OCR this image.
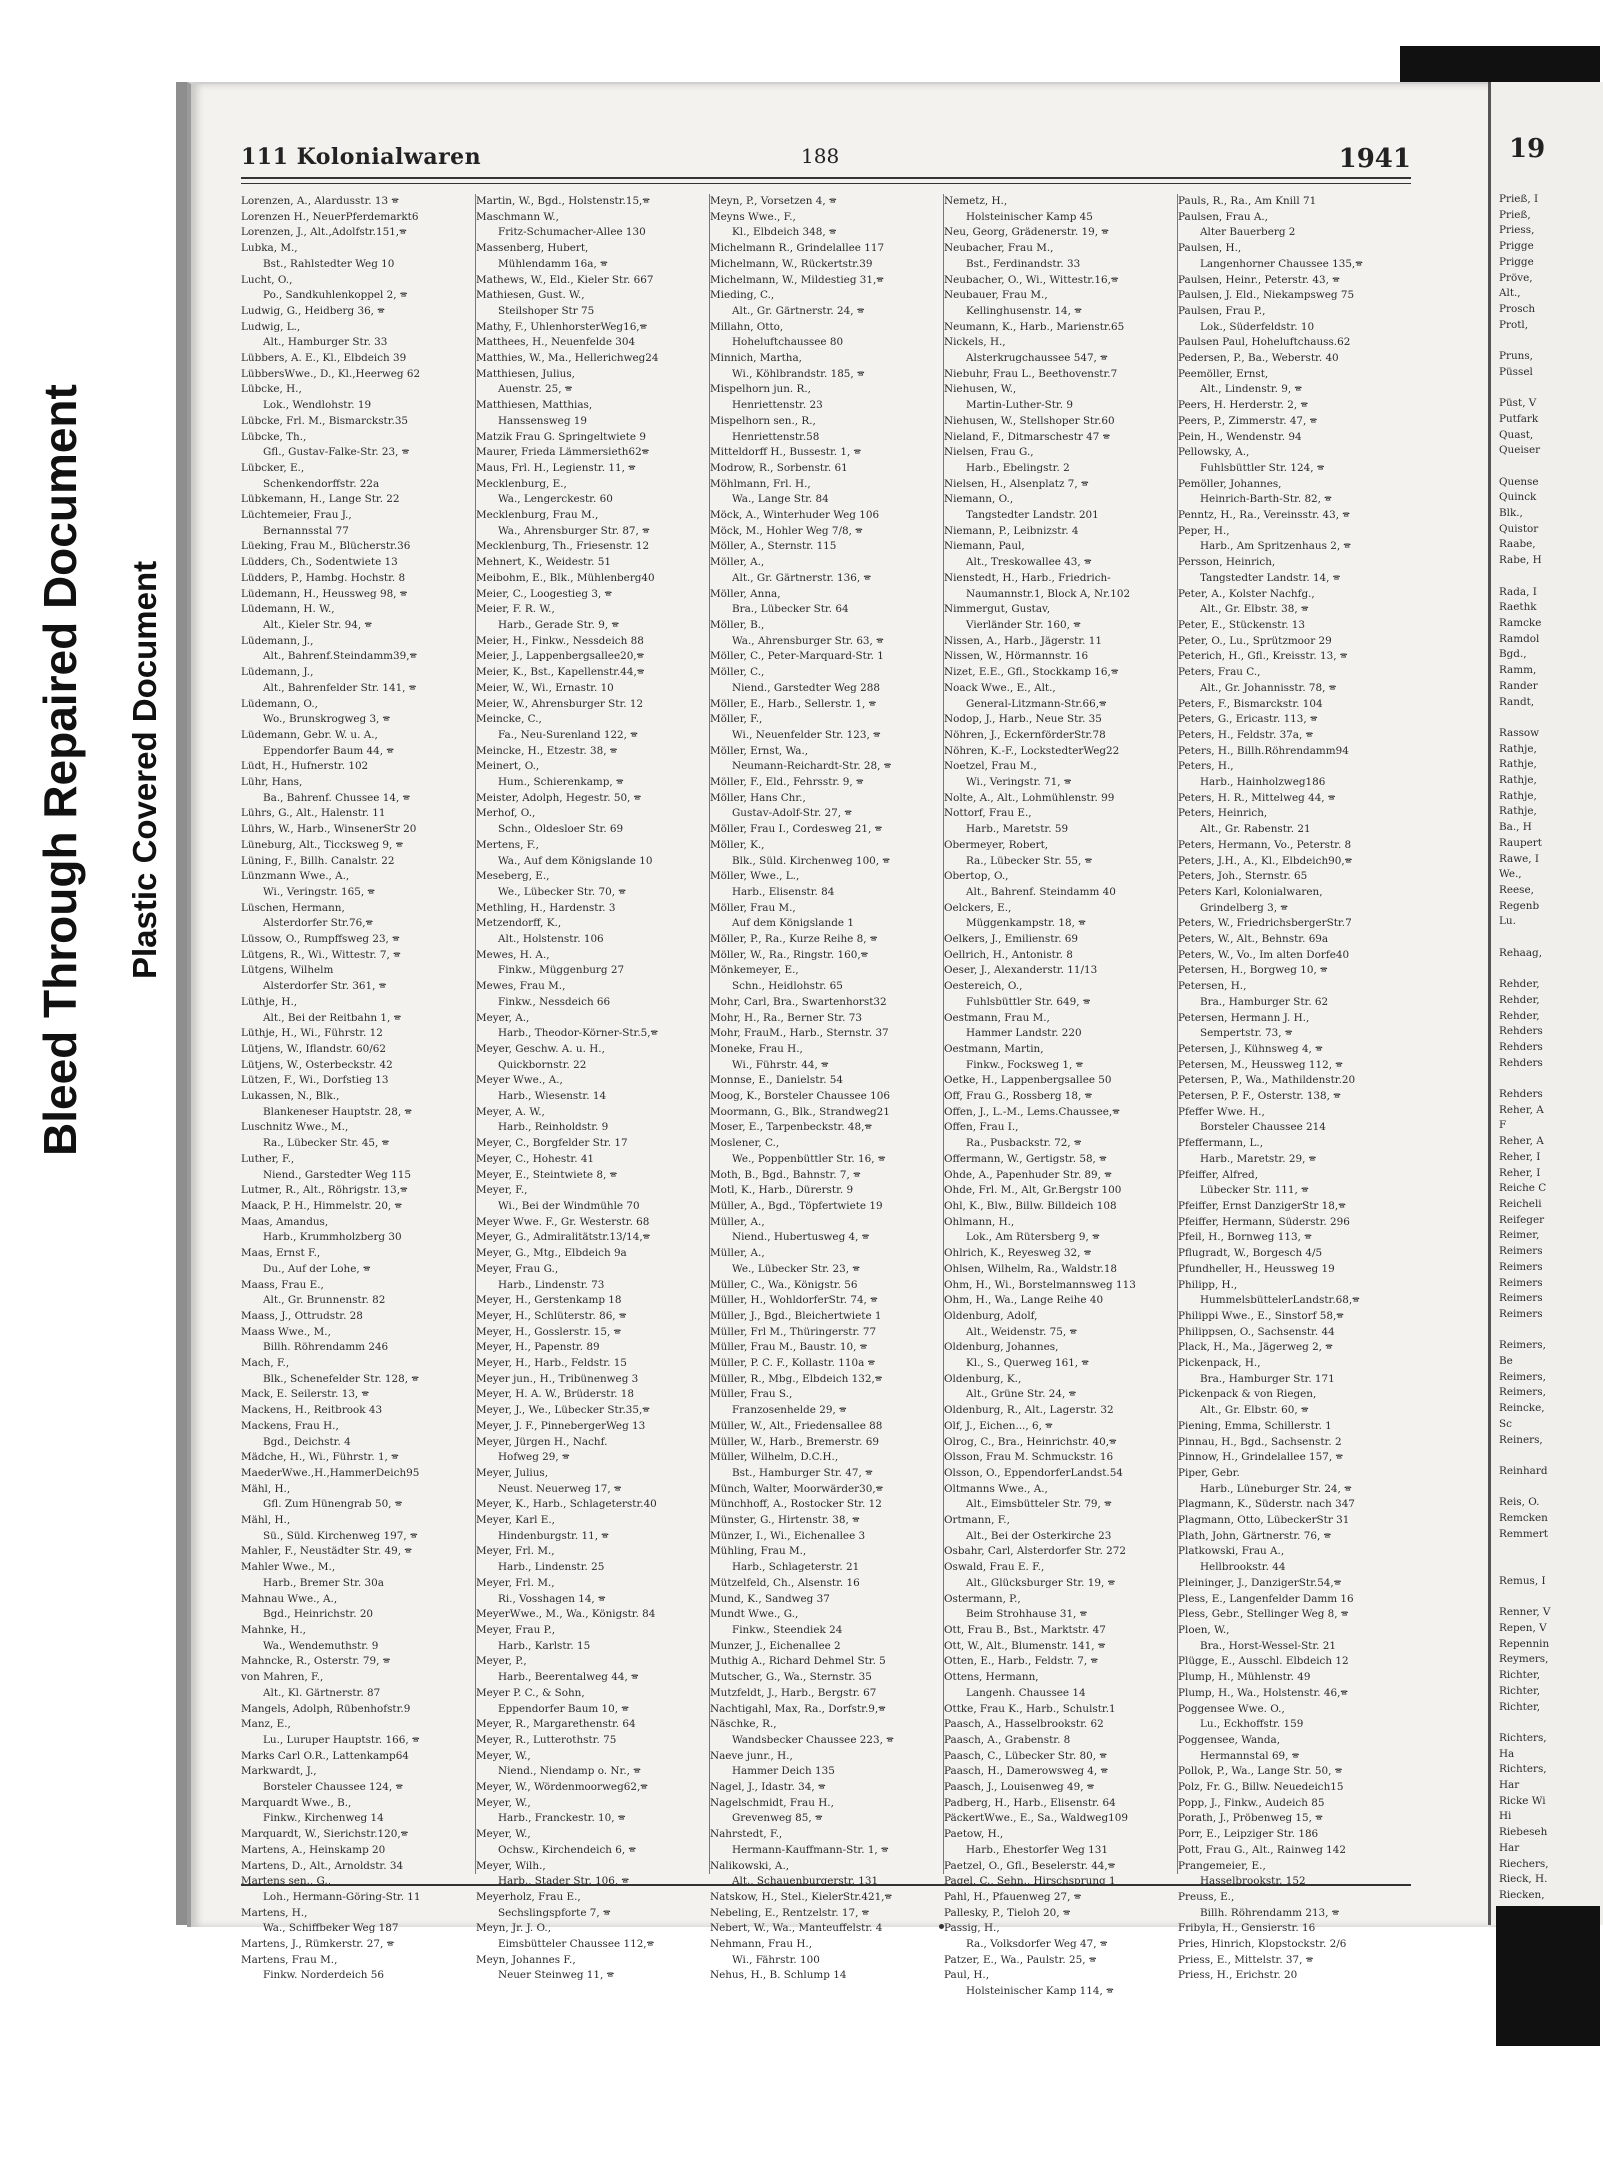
Bleed Through Repaired Document Plastic Covered Document
111 Kolonialwaren	188	1941
Lorenzen, A., Alardusstr. 13 🕿
Lorenzen H., NeuerPferdemarkt6
Lorenzen, J., Alt.,Adolfstr.151,🕿
Lubka, M.,
Bst., Rahlstedter Weg 10
Lucht, O.,
Po., Sandkuhlenkoppel 2, 🕿
Ludwig, G., Heidberg 36, 🕿
Ludwig, L.,
Alt., Hamburger Str. 33
Lübbers, A. E., Kl., Elbdeich 39
LübbersWwe., D., Kl.,Heerweg 62
Lübcke, H.,
Lok., Wendlohstr. 19
Lübcke, Frl. M., Bismarckstr.35
Lübcke, Th.,
Gfl., Gustav-Falke-Str. 23, 🕿
Lübcker, E.,
Schenkendorffstr. 22a
Lübkemann, H., Lange Str. 22
Lüchtemeier, Frau J.,
Bernannsstal 77
Lüeking, Frau M., Blücherstr.36
Lüdders, Ch., Sodentwiete 13
Lüdders, P., Hambg. Hochstr. 8
Lüdemann, H., Heussweg 98, 🕿
Lüdemann, H. W.,
Alt., Kieler Str. 94, 🕿
Lüdemann, J.,
Alt., Bahrenf.Steindamm39,🕿
Lüdemann, J.,
Alt., Bahrenfelder Str. 141, 🕿
Lüdemann, O.,
Wo., Brunskrogweg 3, 🕿
Lüdemann, Gebr. W. u. A.,
Eppendorfer Baum 44, 🕿
Lüdt, H., Hufnerstr. 102
Lühr, Hans,
Ba., Bahrenf. Chussee 14, 🕿
Lührs, G., Alt., Halenstr. 11
Lührs, W., Harb., WinsenerStr 20
Lüneburg, Alt., Ticcksweg 9, 🕿
Lüning, F., Billh. Canalstr. 22
Lünzmann Wwe., A.,
Wi., Veringstr. 165, 🕿
Lüschen, Hermann,
Alsterdorfer Str.76,🕿
Lüssow, O., Rumpffsweg 23, 🕿
Lütgens, R., Wi., Wittestr. 7, 🕿
Lütgens, Wilhelm
Alsterdorfer Str. 361, 🕿
Lüthje, H.,
Alt., Bei der Reitbahn 1, 🕿
Lüthje, H., Wi., Führstr. 12
Lütjens, W., Iflandstr. 60/62
Lütjens, W., Osterbeckstr. 42
Lützen, F., Wi., Dorfstieg 13
Lukassen, N., Blk.,
Blankeneser Hauptstr. 28, 🕿
Luschnitz Wwe., M.,
Ra., Lübecker Str. 45, 🕿
Luther, F.,
Niend., Garstedter Weg 115
Lutmer, R., Alt., Röhrigstr. 13,🕿
Maack, P. H., Himmelstr. 20, 🕿
Maas, Amandus,
Harb., Krummholzberg 30
Maas, Ernst F.,
Du., Auf der Lohe, 🕿
Maass, Frau E.,
Alt., Gr. Brunnenstr. 82
Maass, J., Ottrudstr. 28
Maass Wwe., M.,
Billh. Röhrendamm 246
Mach, F.,
Blk., Schenefelder Str. 128, 🕿
Mack, E. Seilerstr. 13, 🕿
Mackens, H., Reitbrook 43
Mackens, Frau H.,
Bgd., Deichstr. 4
Mädche, H., Wi., Führstr. 1, 🕿
MaederWwe.,H.,HammerDeich95
Mähl, H.,
Gfl. Zum Hünengrab 50, 🕿
Mähl, H.,
Sü., Süld. Kirchenweg 197, 🕿
Mahler, F., Neustädter Str. 49, 🕿
Mahler Wwe., M.,
Harb., Bremer Str. 30a
Mahnau Wwe., A.,
Bgd., Heinrichstr. 20
Mahnke, H.,
Wa., Wendemuthstr. 9
Mahncke, R., Osterstr. 79, 🕿
von Mahren, F.,
Alt., Kl. Gärtnerstr. 87
Mangels, Adolph, Rübenhofstr.9
Manz, E.,
Lu., Luruper Hauptstr. 166, 🕿
Marks Carl O.R., Lattenkamp64
Markwardt, J.,
Borsteler Chaussee 124, 🕿
Marquardt Wwe., B.,
Finkw., Kirchenweg 14
Marquardt, W., Sierichstr.120,🕿
Martens, A., Heinskamp 20
Martens, D., Alt., Arnoldstr. 34
Martens sen., G.,
Loh., Hermann-Göring-Str. 11
Martens, H.,
Wa., Schiffbeker Weg 187
Martens, J., Rümkerstr. 27, 🕿
Martens, Frau M.,
Finkw. Norderdeich 56
Martin, W., Bgd., Holstenstr.15,🕿
Maschmann W.,
Fritz-Schumacher-Allee 130
Massenberg, Hubert,
Mühlendamm 16a, 🕿
Mathews, W., Eld., Kieler Str. 667
Mathiesen, Gust. W.,
Steilshoper Str 75
Mathy, F., UhlenhorsterWeg16,🕿
Matthees, H., Neuenfelde 304
Matthies, W., Ma., Hellerichweg24
Matthiesen, Julius,
Auenstr. 25, 🕿
Matthiesen, Matthias,
Hanssensweg 19
Matzik Frau G. Springeltwiete 9
Maurer, Frieda Lämmersieth62🕿
Maus, Frl. H., Legienstr. 11, 🕿
Mecklenburg, E.,
Wa., Lengerckestr. 60
Mecklenburg, Frau M.,
Wa., Ahrensburger Str. 87, 🕿
Mecklenburg, Th., Friesenstr. 12
Mehnert, K., Weidestr. 51
Meibohm, E., Blk., Mühlenberg40
Meier, C., Loogestieg 3, 🕿
Meier, F. R. W.,
Harb., Gerade Str. 9, 🕿
Meier, H., Finkw., Nessdeich 88
Meier, J., Lappenbergsallee20,🕿
Meier, K., Bst., Kapellenstr.44,🕿
Meier, W., Wi., Ernastr. 10
Meier, W., Ahrensburger Str. 12
Meincke, C.,
Fa., Neu-Surenland 122, 🕿
Meincke, H., Etzestr. 38, 🕿
Meinert, O.,
Hum., Schierenkamp, 🕿
Meister, Adolph, Hegestr. 50, 🕿
Merhof, O.,
Schn., Oldesloer Str. 69
Mertens, F.,
Wa., Auf dem Königslande 10
Meseberg, E.,
We., Lübecker Str. 70, 🕿
Methling, H., Hardenstr. 3
Metzendorff, K.,
Alt., Holstenstr. 106
Mewes, H. A.,
Finkw., Müggenburg 27
Mewes, Frau M.,
Finkw., Nessdeich 66
Meyer, A.,
Harb., Theodor-Körner-Str.5,🕿
Meyer, Geschw. A. u. H.,
Quickbornstr. 22
Meyer Wwe., A.,
Harb., Wiesenstr. 14
Meyer, A. W.,
Harb., Reinholdstr. 9
Meyer, C., Borgfelder Str. 17
Meyer, C., Hohestr. 41
Meyer, E., Steintwiete 8, 🕿
Meyer, F.,
Wi., Bei der Windmühle 70
Meyer Wwe. F., Gr. Westerstr. 68
Meyer, G., Admiralitätstr.13/14,🕿
Meyer, G., Mtg., Elbdeich 9a
Meyer, Frau G.,
Harb., Lindenstr. 73
Meyer, H., Gerstenkamp 18
Meyer, H., Schlüterstr. 86, 🕿
Meyer, H., Gosslerstr. 15, 🕿
Meyer, H., Papenstr. 89
Meyer, H., Harb., Feldstr. 15
Meyer jun., H., Tribünenweg 3
Meyer, H. A. W., Brüderstr. 18
Meyer, J., We., Lübecker Str.35,🕿
Meyer, J. F., PinnebergerWeg 13
Meyer, Jürgen H., Nachf.
Hofweg 29, 🕿
Meyer, Julius,
Neust. Neuerweg 17, 🕿
Meyer, K., Harb., Schlageterstr.40
Meyer, Karl E.,
Hindenburgstr. 11, 🕿
Meyer, Frl. M.,
Harb., Lindenstr. 25
Meyer, Frl. M.,
Ri., Vosshagen 14, 🕿
MeyerWwe., M., Wa., Königstr. 84
Meyer, Frau P.,
Harb., Karlstr. 15
Meyer, P.,
Harb., Beerentalweg 44, 🕿
Meyer P. C., & Sohn,
Eppendorfer Baum 10, 🕿
Meyer, R., Margarethenstr. 64
Meyer, R., Lutterothstr. 75
Meyer, W.,
Niend., Niendamp o. Nr., 🕿
Meyer, W., Wördenmoorweg62,🕿
Meyer, W.,
Harb., Franckestr. 10, 🕿
Meyer, W.,
Ochsw., Kirchendeich 6, 🕿
Meyer, Wilh.,
Harb., Stader Str. 106, 🕿
Meyerholz, Frau E.,
Sechslingspforte 7, 🕿
Meyn, Jr. J. O.,
Eimsbütteler Chaussee 112,🕿
Meyn, Johannes F.,
Neuer Steinweg 11, 🕿
Meyn, P., Vorsetzen 4, 🕿
Meyns Wwe., F.,
Kl., Elbdeich 348, 🕿
Michelmann R., Grindelallee 117
Michelmann, W., Rückertstr.39
Michelmann, W., Mildestieg 31,🕿
Mieding, C.,
Alt., Gr. Gärtnerstr. 24, 🕿
Millahn, Otto,
Hoheluftchaussee 80
Minnich, Martha,
Wi., Köhlbrandstr. 185, 🕿
Mispelhorn jun. R.,
Henriettenstr. 23
Mispelhorn sen., R.,
Henriettenstr.58
Mitteldorff H., Bussestr. 1, 🕿
Modrow, R., Sorbenstr. 61
Möhlmann, Frl. H.,
Wa., Lange Str. 84
Möck, A., Winterhuder Weg 106
Möck, M., Hohler Weg 7/8, 🕿
Möller, A., Sternstr. 115
Möller, A.,
Alt., Gr. Gärtnerstr. 136, 🕿
Möller, Anna,
Bra., Lübecker Str. 64
Möller, B.,
Wa., Ahrensburger Str. 63, 🕿
Möller, C., Peter-Marquard-Str. 1
Möller, C.,
Niend., Garstedter Weg 288
Möller, E., Harb., Sellerstr. 1, 🕿
Möller, F.,
Wi., Neuenfelder Str. 123, 🕿
Möller, Ernst, Wa.,
Neumann-Reichardt-Str. 28, 🕿
Möller, F., Eld., Fehrsstr. 9, 🕿
Möller, Hans Chr.,
Gustav-Adolf-Str. 27, 🕿
Möller, Frau I., Cordesweg 21, 🕿
Möller, K.,
Blk., Süld. Kirchenweg 100, 🕿
Möller, Wwe., L.,
Harb., Elisenstr. 84
Möller, Frau M.,
Auf dem Königslande 1
Möller, P., Ra., Kurze Reihe 8, 🕿
Möller, W., Ra., Ringstr. 160,🕿
Mönkemeyer, E.,
Schn., Heidlohstr. 65
Mohr, Carl, Bra., Swartenhorst32
Mohr, H., Ra., Berner Str. 73
Mohr, FrauM., Harb., Sternstr. 37
Moneke, Frau H.,
Wi., Führstr. 44, 🕿
Monnse, E., Danielstr. 54
Moog, K., Borsteler Chaussee 106
Moormann, G., Blk., Strandweg21
Moser, E., Tarpenbeckstr. 48,🕿
Moslener, C.,
We., Poppenbüttler Str. 16, 🕿
Moth, B., Bgd., Bahnstr. 7, 🕿
Motl, K., Harb., Dürerstr. 9
Müller, A., Bgd., Töpfertwiete 19
Müller, A.,
Niend., Hubertusweg 4, 🕿
Müller, A.,
We., Lübecker Str. 23, 🕿
Müller, C., Wa., Königstr. 56
Müller, H., WohldorferStr. 74, 🕿
Müller, J., Bgd., Bleichertwiete 1
Müller, Frl M., Thüringerstr. 77
Müller, Frau M., Baustr. 10, 🕿
Müller, P. C. F., Kollastr. 110a 🕿
Müller, R., Mbg., Elbdeich 132,🕿
Müller, Frau S.,
Franzosenhelde 29, 🕿
Müller, W., Alt., Friedensallee 88
Müller, W., Harb., Bremerstr. 69
Müller, Wilhelm, D.C.H.,
Bst., Hamburger Str. 47, 🕿
Münch, Walter, Moorwärder30,🕿
Münchhoff, A., Rostocker Str. 12
Münster, G., Hirtenstr. 38, 🕿
Münzer, I., Wi., Eichenallee 3
Mühling, Frau M.,
Harb., Schlageterstr. 21
Mützelfeld, Ch., Alsenstr. 16
Mund, K., Sandweg 37
Mundt Wwe., G.,
Finkw., Steendiek 24
Munzer, J., Eichenallee 2
Muthig A., Richard Dehmel Str. 5
Mutscher, G., Wa., Sternstr. 35
Mutzfeldt, J., Harb., Bergstr. 67
Nachtigahl, Max, Ra., Dorfstr.9,🕿
Näschke, R.,
Wandsbecker Chaussee 223, 🕿
Naeve junr., H.,
Hammer Deich 135
Nagel, J., Idastr. 34, 🕿
Nagelschmidt, Frau H.,
Grevenweg 85, 🕿
Nahrstedt, F.,
Hermann-Kauffmann-Str. 1, 🕿
Nalikowski, A.,
Alt., Schauenburgerstr. 131
Natskow, H., Stel., KielerStr.421,🕿
Nebeling, E., Rentzelstr. 17, 🕿
Nebert, W., Wa., Manteuffelstr. 4
Nehmann, Frau H.,
Wi., Fährstr. 100
Nehus, H., B. Schlump 14
Nemetz, H.,
Holsteinischer Kamp 45
Neu, Georg, Grädenerstr. 19, 🕿
Neubacher, Frau M.,
Bst., Ferdinandstr. 33
Neubacher, O., Wi., Wittestr.16,🕿
Neubauer, Frau M.,
Kellinghusenstr. 14, 🕿
Neumann, K., Harb., Marienstr.65
Nickels, H.,
Alsterkrugchaussee 547, 🕿
Niebuhr, Frau L., Beethovenstr.7
Niehusen, W.,
Martin-Luther-Str. 9
Niehusen, W., Stellshoper Str.60
Nieland, F., Ditmarschestr 47 🕿
Nielsen, Frau G.,
Harb., Ebelingstr. 2
Nielsen, H., Alsenplatz 7, 🕿
Niemann, O.,
Tangstedter Landstr. 201
Niemann, P., Leibnizstr. 4
Niemann, Paul,
Alt., Treskowallee 43, 🕿
Nienstedt, H., Harb., Friedrich-
Naumannstr.1, Block A, Nr.102
Nimmergut, Gustav,
Vierländer Str. 160, 🕿
Nissen, A., Harb., Jägerstr. 11
Nissen, W., Hörmannstr. 16
Nizet, E.E., Gfl., Stockkamp 16,🕿
Noack Wwe., E., Alt.,
General-Litzmann-Str.66,🕿
Nodop, J., Harb., Neue Str. 35
Nöhren, J., EckernförderStr.78
Nöhren, K.-F., LockstedterWeg22
Noetzel, Frau M.,
Wi., Veringstr. 71, 🕿
Nolte, A., Alt., Lohmühlenstr. 99
Nottorf, Frau E.,
Harb., Maretstr. 59
Obermeyer, Robert,
Ra., Lübecker Str. 55, 🕿
Obertop, O.,
Alt., Bahrenf. Steindamm 40
Oelckers, E.,
Müggenkampstr. 18, 🕿
Oelkers, J., Emilienstr. 69
Oellrich, H., Antonistr. 8
Oeser, J., Alexanderstr. 11/13
Oestereich, O.,
Fuhlsbüttler Str. 649, 🕿
Oestmann, Frau M.,
Hammer Landstr. 220
Oestmann, Martin,
Finkw., Focksweg 1, 🕿
Oetke, H., Lappenbergsallee 50
Off, Frau G., Rossberg 18, 🕿
Offen, J., L.-M., Lems.Chaussee,🕿
Offen, Frau I.,
Ra., Pusbackstr. 72, 🕿
Offermann, W., Gertigstr. 58, 🕿
Ohde, A., Papenhuder Str. 89, 🕿
Ohde, Frl. M., Alt, Gr.Bergstr 100
Ohl, K., Blw., Billw. Billdeich 108
Ohlmann, H.,
Lok., Am Rütersberg 9, 🕿
Ohlrich, K., Reyesweg 32, 🕿
Ohlsen, Wilhelm, Ra., Waldstr.18
Ohm, H., Wi., Borstelmannsweg 113
Ohm, H., Wa., Lange Reihe 40
Oldenburg, Adolf,
Alt., Weidenstr. 75, 🕿
Oldenburg, Johannes,
Kl., S., Querweg 161, 🕿
Oldenburg, K.,
Alt., Grüne Str. 24, 🕿
Oldenburg, R., Alt., Lagerstr. 32
Olf, J., Eichen..., 6, 🕿
Olrog, C., Bra., Heinrichstr. 40,🕿
Olsson, Frau M. Schmuckstr. 16
Olsson, O., EppendorferLandst.54
Oltmanns Wwe., A.,
Alt., Eimsbütteler Str. 79, 🕿
Ortmann, F.,
Alt., Bei der Osterkirche 23
Osbahr, Carl, Alsterdorfer Str. 272
Oswald, Frau E. F.,
Alt., Glücksburger Str. 19, 🕿
Ostermann, P.,
Beim Strohhause 31, 🕿
Ott, Frau B., Bst., Marktstr. 47
Ott, W., Alt., Blumenstr. 141, 🕿
Otten, E., Harb., Feldstr. 7, 🕿
Ottens, Hermann,
Langenh. Chaussee 14
Ottke, Frau K., Harb., Schulstr.1
Paasch, A., Hasselbrookstr. 62
Paasch, A., Grabenstr. 8
Paasch, C., Lübecker Str. 80, 🕿
Paasch, H., Damerowsweg 4, 🕿
Paasch, J., Louisenweg 49, 🕿
Padberg, H., Harb., Elisenstr. 64
PäckertWwe., E., Sa., Waldweg109
Paetow, H.,
Harb., Ehestorfer Weg 131
Paetzel, O., Gfl., Beselerstr. 44,🕿
Pagel, C., Sehn., Hirschsprung 1
Pahl, H., Pfauenweg 27, 🕿
Pallesky, P., Tieloh 20, 🕿
Passig, H.,
Ra., Volksdorfer Weg 47, 🕿
Patzer, E., Wa., Paulstr. 25, 🕿
Paul, H.,
Holsteinischer Kamp 114, 🕿
Pauls, R., Ra., Am Knill 71
Paulsen, Frau A.,
Alter Bauerberg 2
Paulsen, H.,
Langenhorner Chaussee 135,🕿
Paulsen, Heinr., Peterstr. 43, 🕿
Paulsen, J. Eld., Niekampsweg 75
Paulsen, Frau P.,
Lok., Süderfeldstr. 10
Paulsen Paul, Hoheluftchauss.62
Pedersen, P., Ba., Weberstr. 40
Peemöller, Ernst,
Alt., Lindenstr. 9, 🕿
Peers, H. Herderstr. 2, 🕿
Peers, P., Zimmerstr. 47, 🕿
Pein, H., Wendenstr. 94
Pellowsky, A.,
Fuhlsbüttler Str. 124, 🕿
Pemöller, Johannes,
Heinrich-Barth-Str. 82, 🕿
Penntz, H., Ra., Vereinsstr. 43, 🕿
Peper, H.,
Harb., Am Spritzenhaus 2, 🕿
Persson, Heinrich,
Tangstedter Landstr. 14, 🕿
Peter, A., Kolster Nachfg.,
Alt., Gr. Elbstr. 38, 🕿
Peter, E., Stückenstr. 13
Peter, O., Lu., Sprützmoor 29
Peterich, H., Gfl., Kreisstr. 13, 🕿
Peters, Frau C.,
Alt., Gr. Johannisstr. 78, 🕿
Peters, F., Bismarckstr. 104
Peters, G., Ericastr. 113, 🕿
Peters, H., Feldstr. 37a, 🕿
Peters, H., Billh.Röhrendamm94
Peters, H.,
Harb., Hainholzweg186
Peters, H. R., Mittelweg 44, 🕿
Peters, Heinrich,
Alt., Gr. Rabenstr. 21
Peters, Hermann, Vo., Peterstr. 8
Peters, J.H., A., Kl., Elbdeich90,🕿
Peters, Joh., Sternstr. 65
Peters Karl, Kolonialwaren,
Grindelberg 3, 🕿
Peters, W., FriedrichsbergerStr.7
Peters, W., Alt., Behnstr. 69a
Peters, W., Vo., Im alten Dorfe40
Petersen, H., Borgweg 10, 🕿
Petersen, H.,
Bra., Hamburger Str. 62
Petersen, Hermann J. H.,
Sempertstr. 73, 🕿
Petersen, J., Kühnsweg 4, 🕿
Petersen, M., Heussweg 112, 🕿
Petersen, P., Wa., Mathildenstr.20
Petersen, P. F., Osterstr. 138, 🕿
Pfeffer Wwe. H.,
Borsteler Chaussee 214
Pfeffermann, L.,
Harb., Maretstr. 29, 🕿
Pfeiffer, Alfred,
Lübecker Str. 111, 🕿
Pfeiffer, Ernst DanzigerStr 18,🕿
Pfeiffer, Hermann, Süderstr. 296
Pfeil, H., Bornweg 113, 🕿
Pflugradt, W., Borgesch 4/5
Pfundheller, H., Heussweg 19
Philipp, H.,
HummelsbüttelerLandstr.68,🕿
Philippi Wwe., E., Sinstorf 58,🕿
Philippsen, O., Sachsenstr. 44
Plack, H., Ma., Jägerweg 2, 🕿
Pickenpack, H.,
Bra., Hamburger Str. 171
Pickenpack & von Riegen,
Alt., Gr. Elbstr. 60, 🕿
Piening, Emma, Schillerstr. 1
Pinnau, H., Bgd., Sachsenstr. 2
Pinnow, H., Grindelallee 157, 🕿
Piper, Gebr.
Harb., Lüneburger Str. 24, 🕿
Plagmann, K., Süderstr. nach 347
Plagmann, Otto, LübeckerStr 31
Plath, John, Gärtnerstr. 76, 🕿
Platkowski, Frau A.,
Hellbrookstr. 44
Pleininger, J., DanzigerStr.54,🕿
Pless, E., Langenfelder Damm 16
Pless, Gebr., Stellinger Weg 8, 🕿
Ploen, W.,
Bra., Horst-Wessel-Str. 21
Plügge, E., Ausschl. Elbdeich 12
Plump, H., Mühlenstr. 49
Plump, H., Wa., Holstenstr. 46,🕿
Poggensee Wwe. O.,
Lu., Eckhoffstr. 159
Poggensee, Wanda,
Hermannstal 69, 🕿
Pollok, P., Wa., Lange Str. 50, 🕿
Polz, Fr. G., Billw. Neuedeich15
Popp, J., Finkw., Audeich 85
Porath, J., Pröbenweg 15, 🕿
Porr, E., Leipziger Str. 186
Pott, Frau G., Alt., Rainweg 142
Prangemeier, E.,
Hasselbrookstr. 152
Preuss, E.,
Billh. Röhrendamm 213, 🕿
Fribyla, H., Gensierstr. 16
Pries, Hinrich, Klopstockstr. 2/6
Priess, E., Mittelstr. 37, 🕿
Priess, H., Erichstr. 20
19
Prieß, I
Prieß,
Priess,
Prigge
Prigge
Pröve,
Alt.,
Prosch
Protl,

Pruns,
Püssel

Püst, V
Putfark
Quast,
Queiser

Quense
Quinck
Blk.,
Quistor
Raabe,
Rabe, H

Rada, I
Raethk
Ramcke
Ramdol
Bgd.,
Ramm,
Rander
Randt,

Rassow
Rathje,
Rathje,
Rathje,
Rathje,
Rathje,
Ba., H
Raupert
Rawe, I
We.,
Reese,
Regenb
Lu.

Rehaag,

Rehder,
Rehder,
Rehder,
Rehders
Rehders
Rehders

Rehders
Reher, A
F
Reher, A
Reher, I
Reher, I
Reiche C
Reicheli
Reifeger
Reimer,
Reimers
Reimers
Reimers
Reimers
Reimers

Reimers,
Be
Reimers,
Reimers,
Reincke,
Sc
Reiners,

Reinhard

Reis, O.
Remcken
Remmert

Remus, I

Renner, V
Repen, V
Repennin
Reymers,
Richter,
Richter,
Richter,

Richters,
Ha
Richters,
Har
Ricke Wi
Hi
Riebeseh
Har
Riechers,
Rieck, H.
Riecken,
